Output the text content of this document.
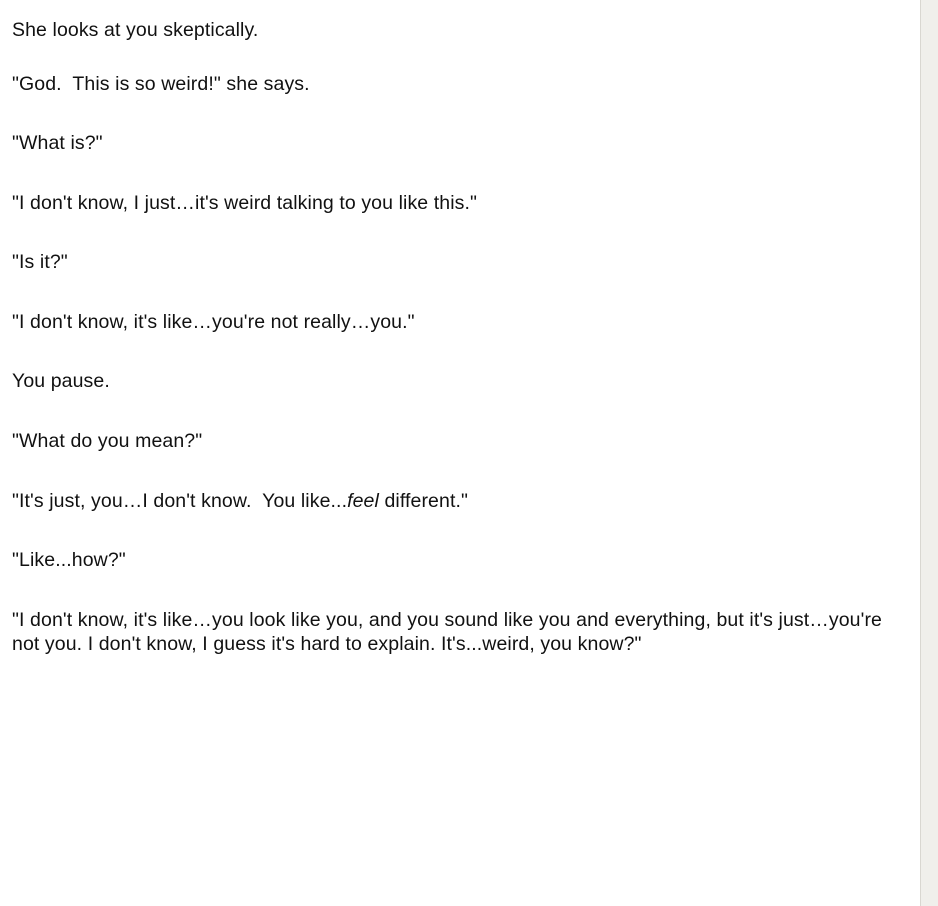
She looks at you skeptically.

"God.  This is so weird!" she says.

"What is?"

"I don't know, I just…it's weird talking to you like this."

"Is it?"

"I don't know, it's like…you're not really…you."

You pause.

"What do you mean?"

"It's just, you…I don't know.  You like...feel different."

"Like...how?"

"I don't know, it's like…you look like you, and you sound like you and everything, but it's just…you're not you. I don't know, I guess it's hard to explain. It's...weird, you know?"
